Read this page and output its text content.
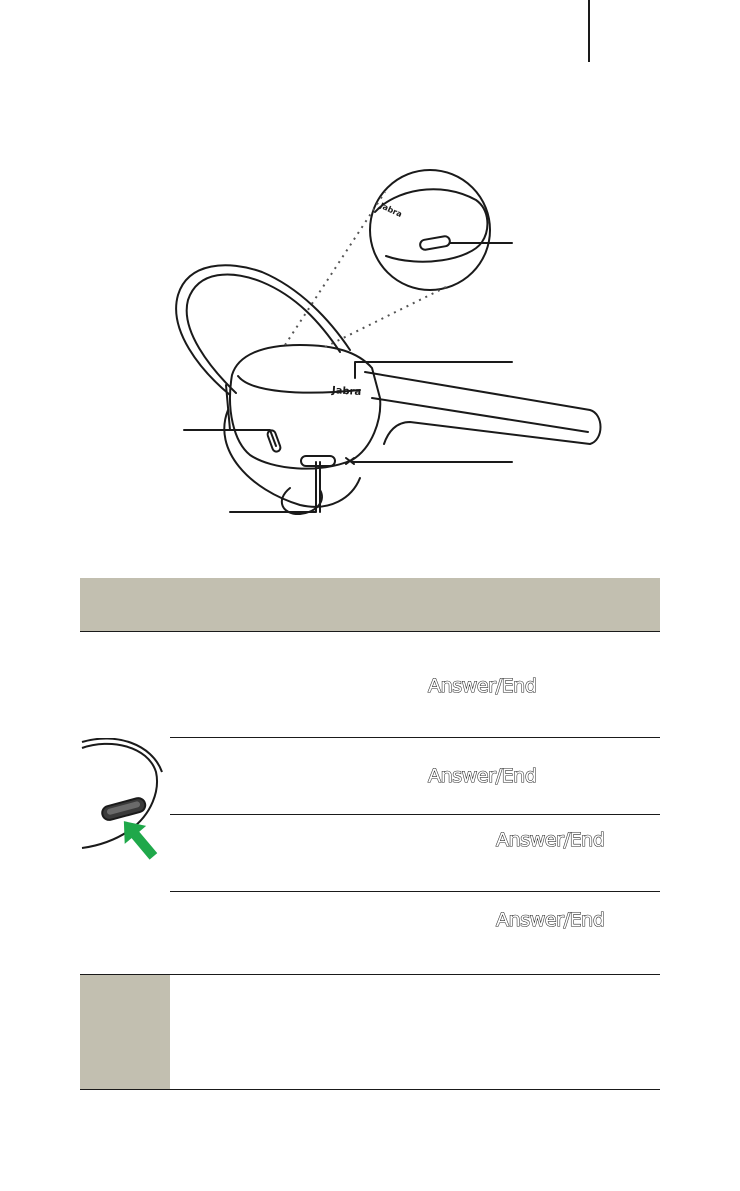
Jabra
Jabra
Answer/End
Answer/End
Answer/End
Answer/End
